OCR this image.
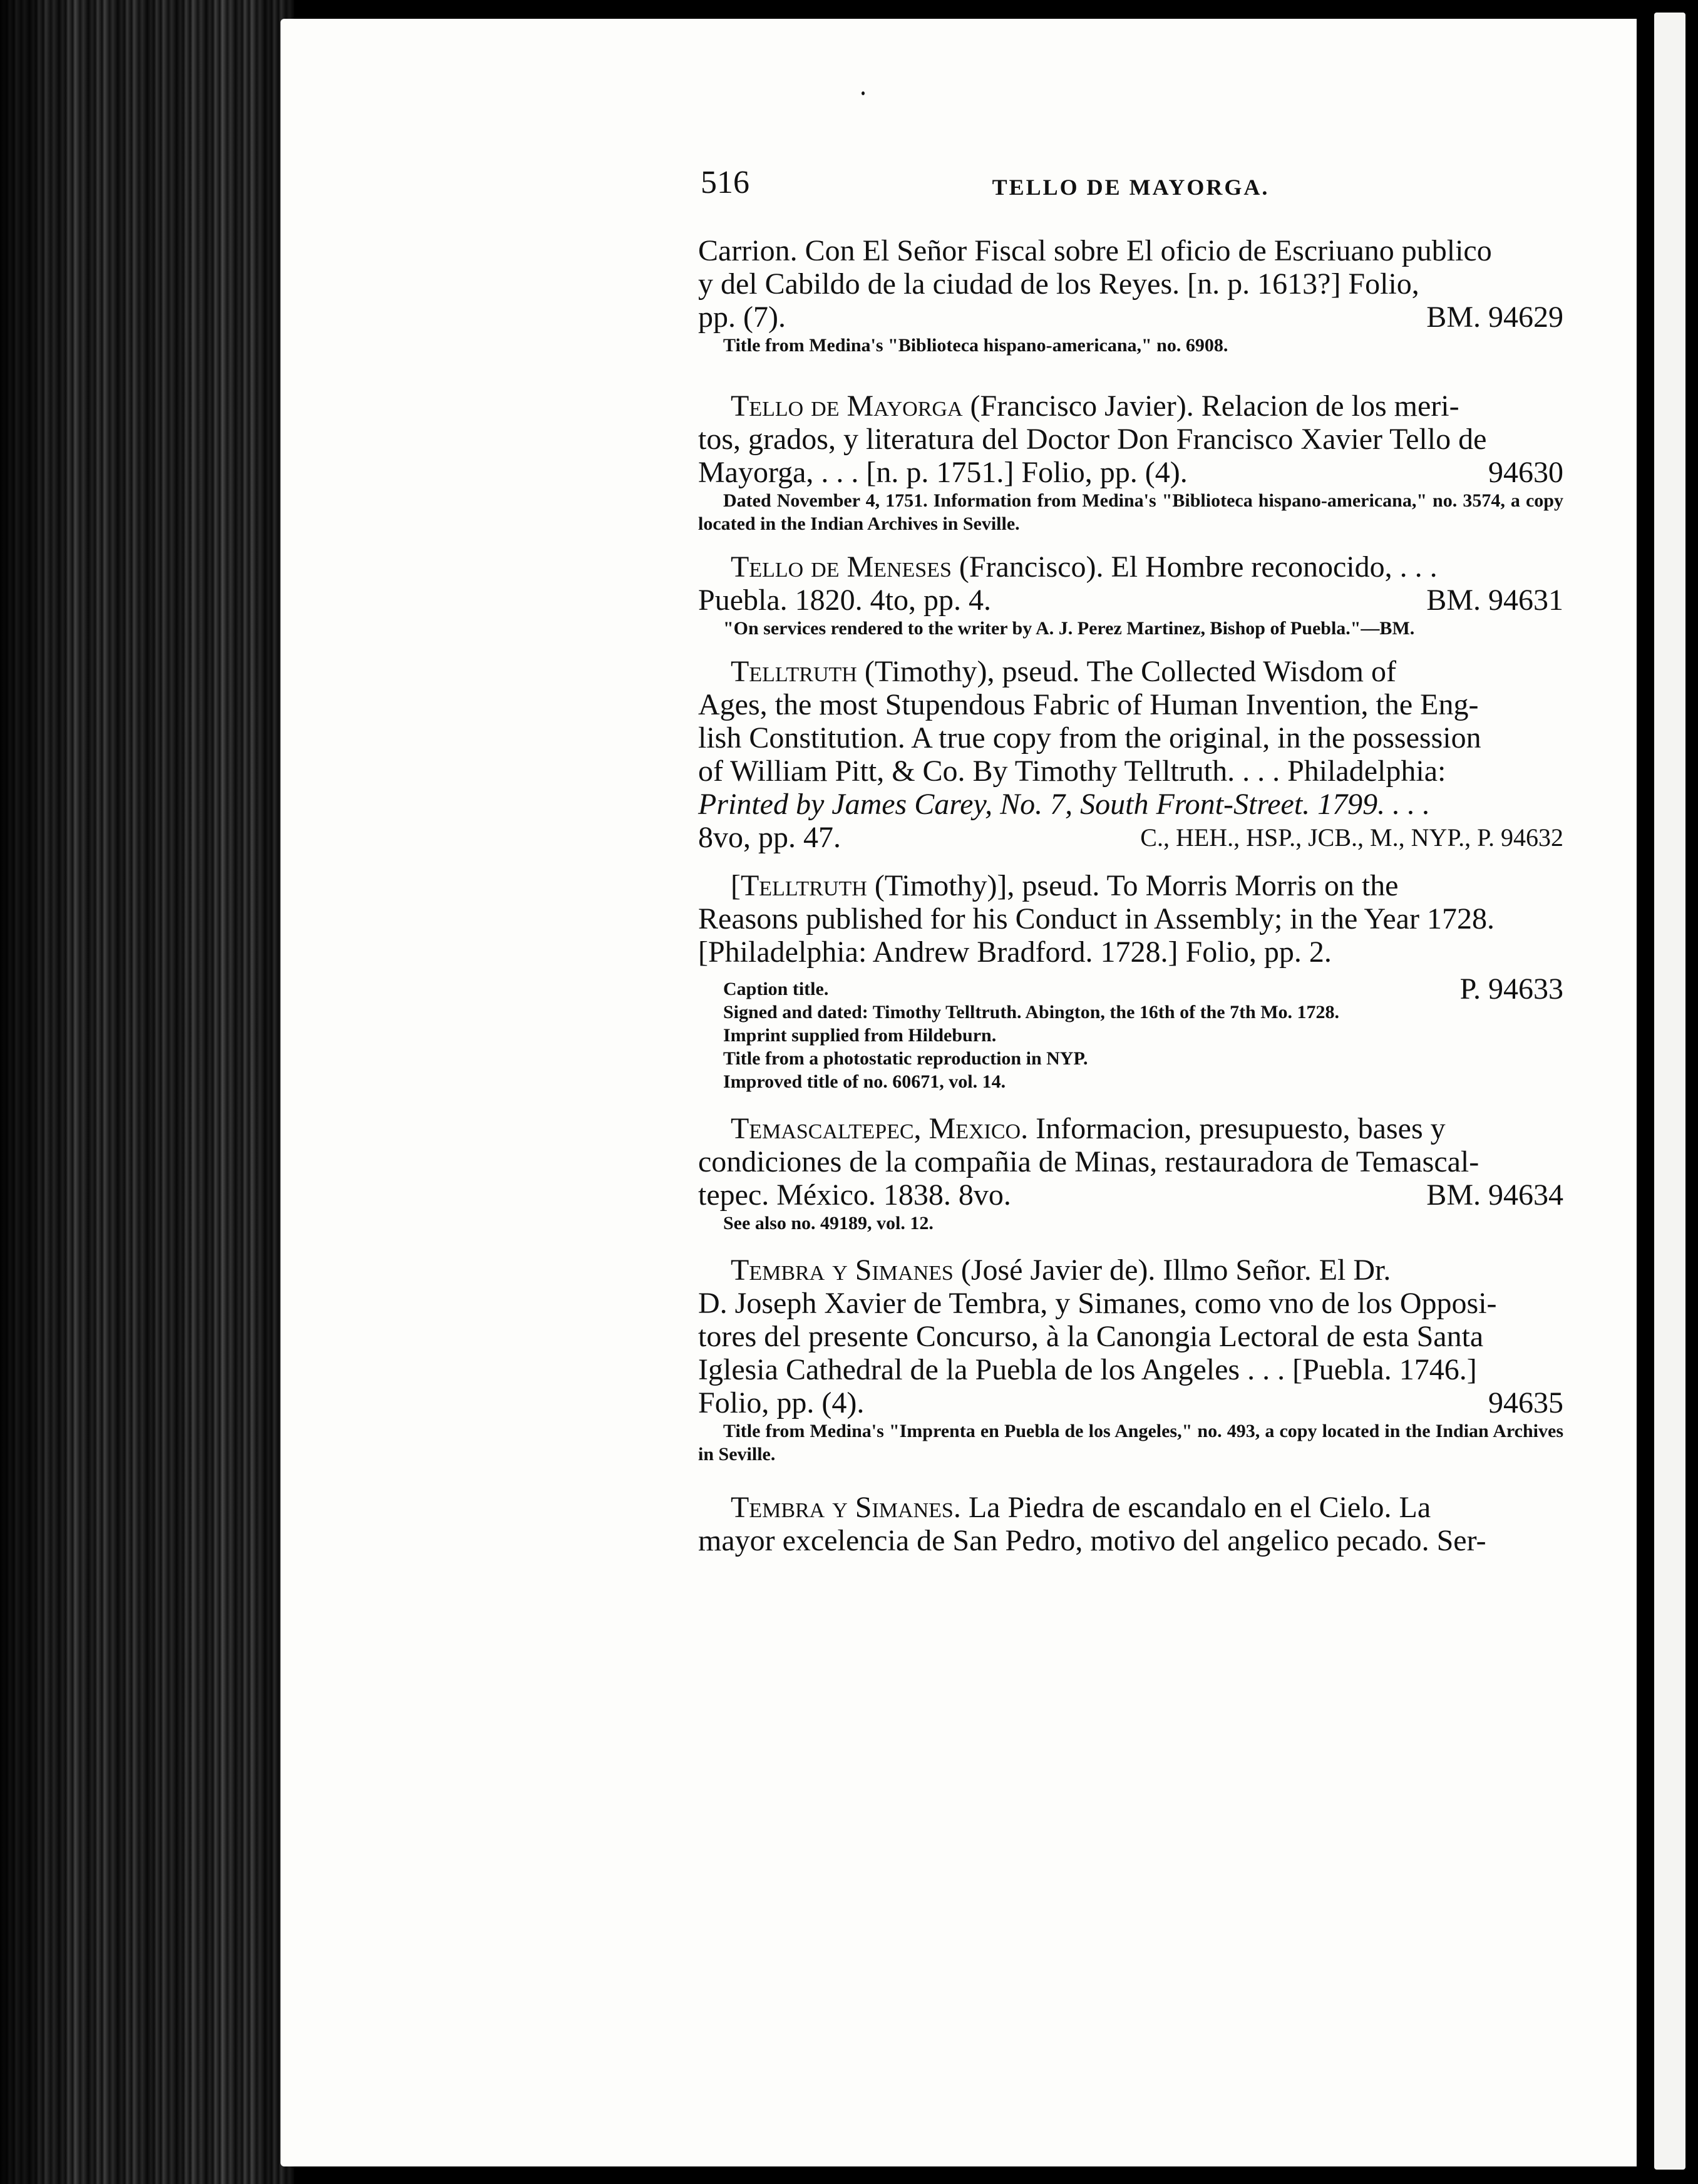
516	TELLO DE MAYORGA.
Carrion. Con El Señor Fiscal sobre El oficio de Escriuano publico
y del Cabildo de la ciudad de los Reyes. [n. p. 1613?] Folio,
pp. (7).	BM. 94629

Title from Medina's "Biblioteca hispano-americana," no. 6908.

Tello de Mayorga (Francisco Javier). Relacion de los meri-
tos, grados, y literatura del Doctor Don Francisco Xavier Tello de
Mayorga, . . . [n. p. 1751.] Folio, pp. (4).	94630

Dated November 4, 1751. Information from Medina's "Biblioteca hispano-americana," no. 3574, a copy located in the Indian Archives in Seville.

Tello de Meneses (Francisco). El Hombre reconocido, . . .
Puebla. 1820. 4to, pp. 4.	BM. 94631

"On services rendered to the writer by A. J. Perez Martinez, Bishop of Puebla."—BM.

Telltruth (Timothy), pseud. The Collected Wisdom of
Ages, the most Stupendous Fabric of Human Invention, the Eng-
lish Constitution. A true copy from the original, in the possession
of William Pitt, & Co. By Timothy Telltruth. . . . Philadelphia:
Printed by James Carey, No. 7, South Front-Street. 1799. . . .
8vo, pp. 47.	C., HEH., HSP., JCB., M., NYP., P. 94632
[Telltruth (Timothy)], pseud. To Morris Morris on the
Reasons published for his Conduct in Assembly; in the Year 1728.
[Philadelphia: Andrew Bradford. 1728.] Folio, pp. 2.
Caption title.	P. 94633

Signed and dated: Timothy Telltruth. Abington, the 16th of the 7th Mo. 1728.

Imprint supplied from Hildeburn.

Title from a photostatic reproduction in NYP.

Improved title of no. 60671, vol. 14.

Temascaltepec, Mexico. Informacion, presupuesto, bases y
condiciones de la compañia de Minas, restauradora de Temascal-
tepec. México. 1838. 8vo.	BM. 94634

See also no. 49189, vol. 12.

Tembra y Simanes (José Javier de). Illmo Señor. El Dr.
D. Joseph Xavier de Tembra, y Simanes, como vno de los Opposi-
tores del presente Concurso, à la Canongia Lectoral de esta Santa
Iglesia Cathedral de la Puebla de los Angeles . . . [Puebla. 1746.]
Folio, pp. (4).	94635

Title from Medina's "Imprenta en Puebla de los Angeles," no. 493, a copy located in the Indian Archives in Seville.

Tembra y Simanes. La Piedra de escandalo en el Cielo. La
mayor excelencia de San Pedro, motivo del angelico pecado. Ser-
